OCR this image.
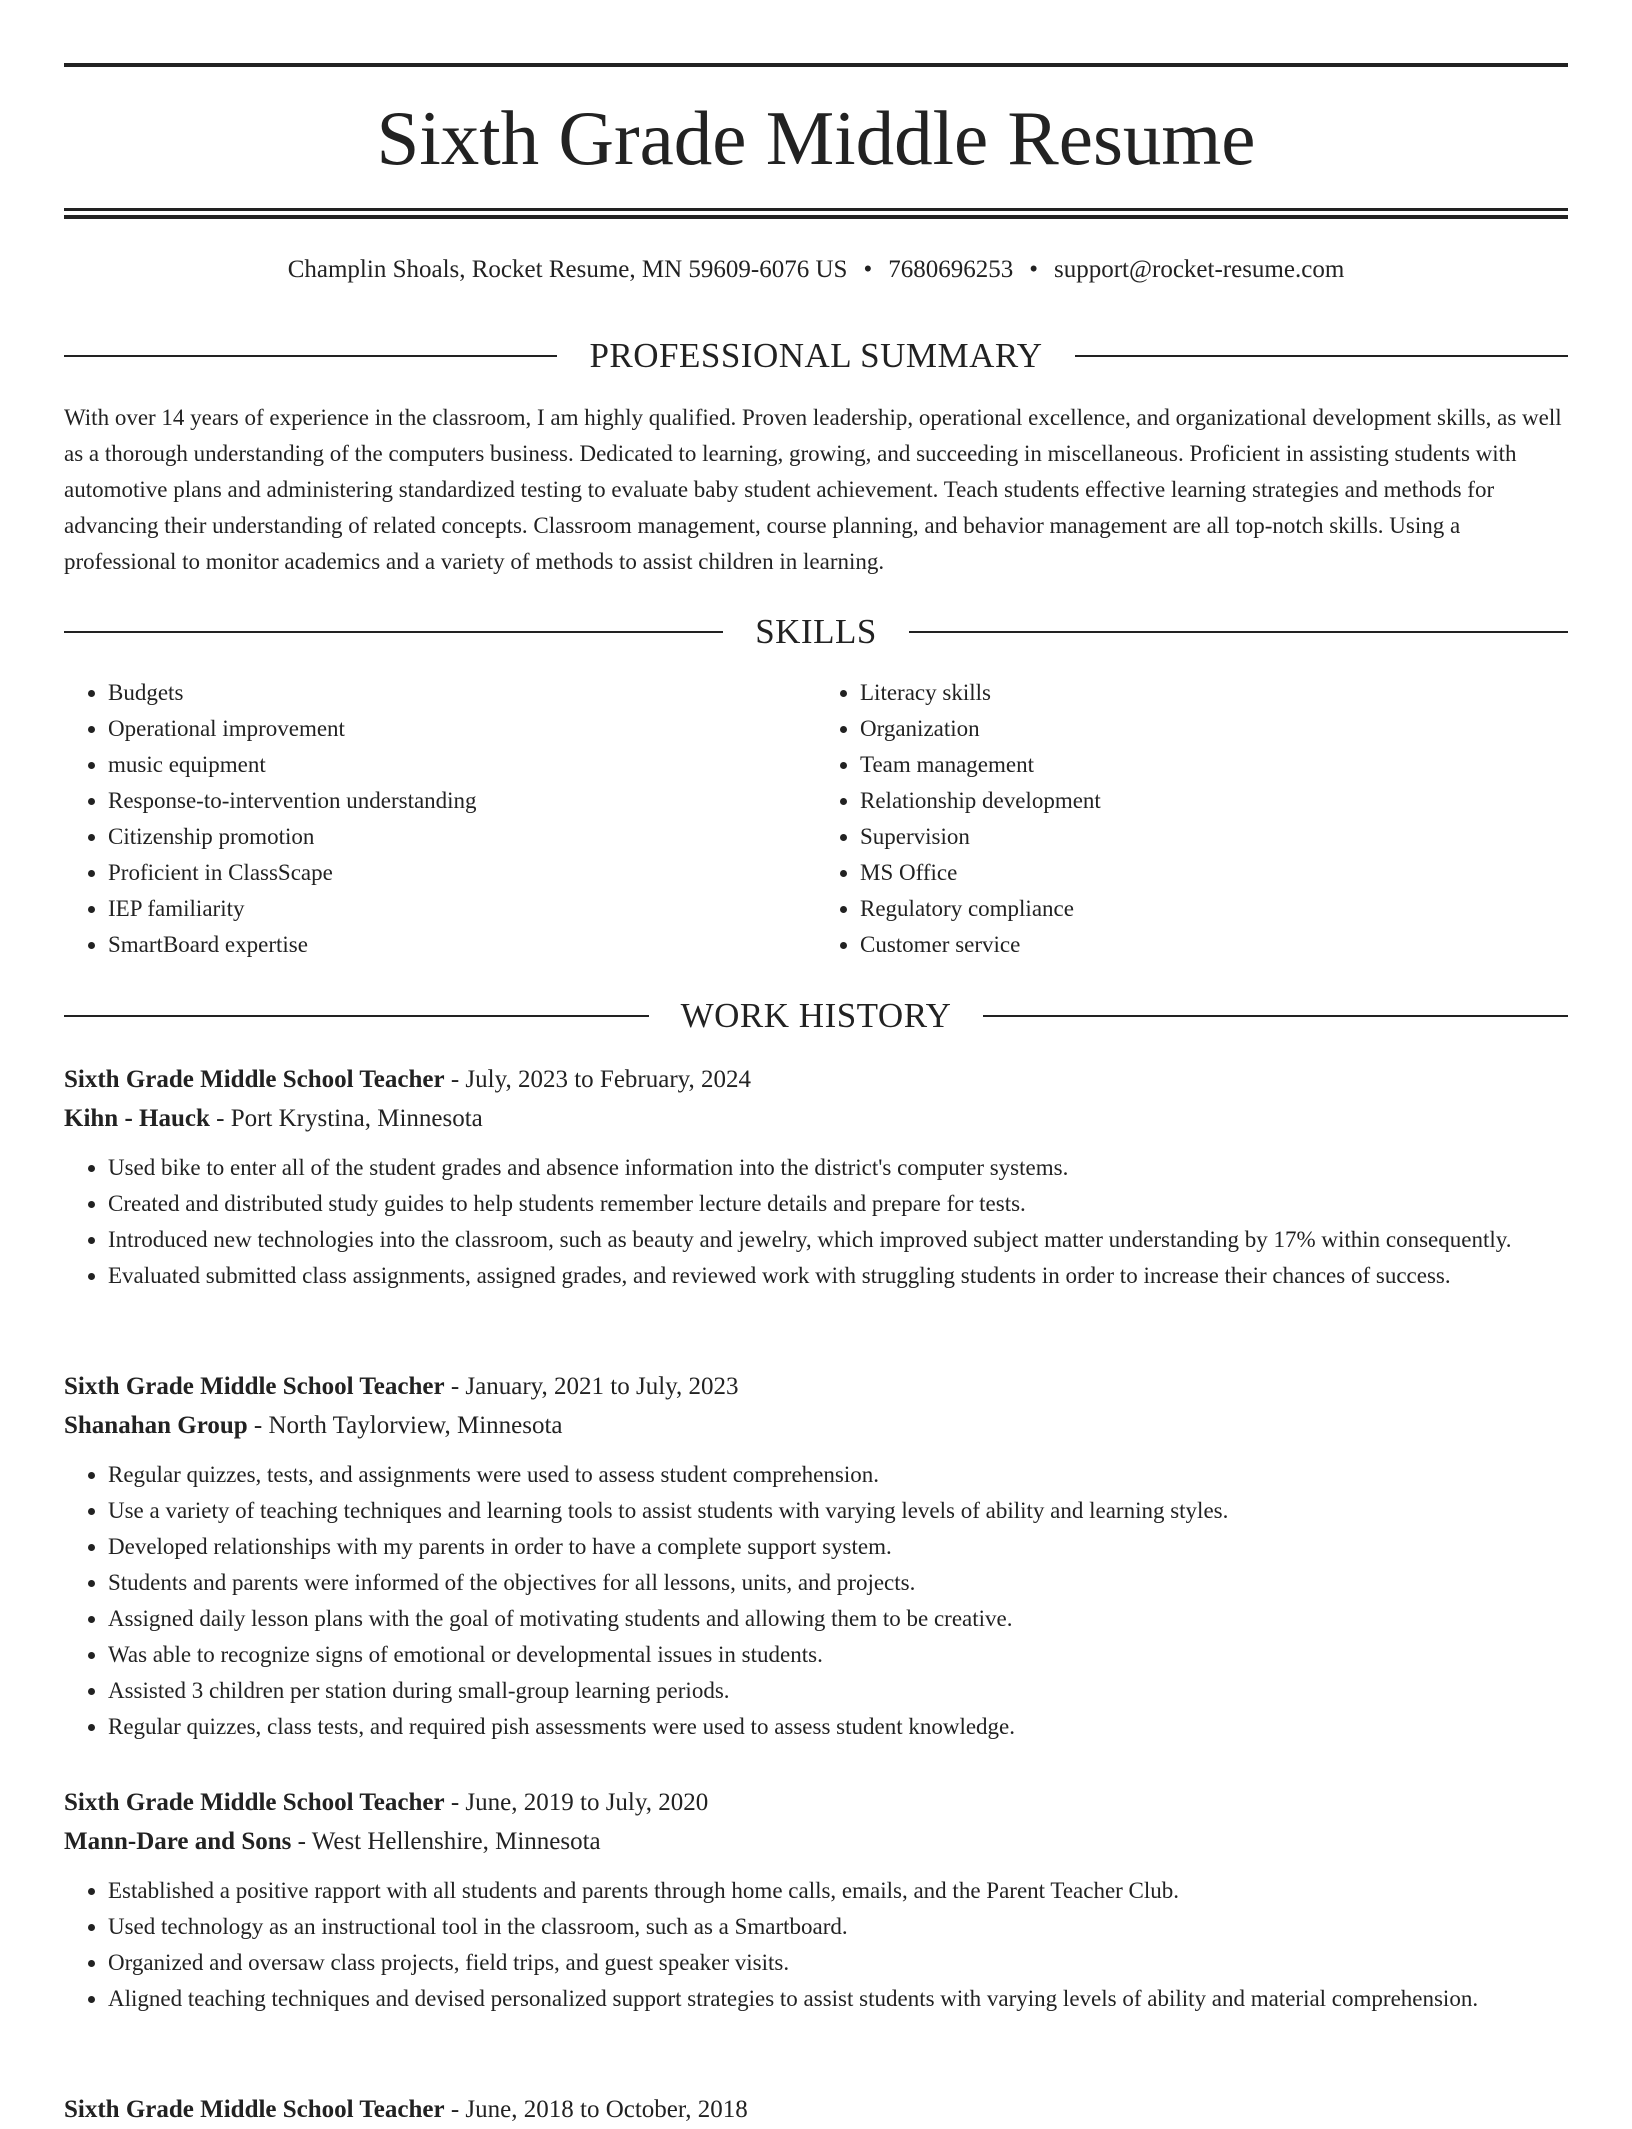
Sixth Grade Middle Resume
Champlin Shoals, Rocket Resume, MN 59609-6076 US • 7680696253 • support@rocket-resume.com
PROFESSIONAL SUMMARY

With over 14 years of experience in the classroom, I am highly qualified. Proven leadership, operational excellence, and organizational development skills, as well as a thorough understanding of the computers business. Dedicated to learning, growing, and succeeding in miscellaneous. Proficient in assisting students with automotive plans and administering standardized testing to evaluate baby student achievement. Teach students effective learning strategies and methods for advancing their understanding of related concepts. Classroom management, course planning, and behavior management are all top-notch skills. Using a professional to monitor academics and a variety of methods to assist children in learning.

SKILLS
• Budgets
• Operational improvement
• music equipment
• Response-to-intervention understanding
• Citizenship promotion
• Proficient in ClassScape
• IEP familiarity
• SmartBoard expertise
• Literacy skills
• Organization
• Team management
• Relationship development
• Supervision
• MS Office
• Regulatory compliance
• Customer service
WORK HISTORY
Sixth Grade Middle School Teacher - July, 2023 to February, 2024
Kihn - Hauck - Port Krystina, Minnesota
• Used bike to enter all of the student grades and absence information into the district's computer systems.
• Created and distributed study guides to help students remember lecture details and prepare for tests.
• Introduced new technologies into the classroom, such as beauty and jewelry, which improved subject matter understanding by 17% within consequently.
• Evaluated submitted class assignments, assigned grades, and reviewed work with struggling students in order to increase their chances of success.
Sixth Grade Middle School Teacher - January, 2021 to July, 2023
Shanahan Group - North Taylorview, Minnesota
• Regular quizzes, tests, and assignments were used to assess student comprehension.
• Use a variety of teaching techniques and learning tools to assist students with varying levels of ability and learning styles.
• Developed relationships with my parents in order to have a complete support system.
• Students and parents were informed of the objectives for all lessons, units, and projects.
• Assigned daily lesson plans with the goal of motivating students and allowing them to be creative.
• Was able to recognize signs of emotional or developmental issues in students.
• Assisted 3 children per station during small-group learning periods.
• Regular quizzes, class tests, and required pish assessments were used to assess student knowledge.
Sixth Grade Middle School Teacher - June, 2019 to July, 2020
Mann-Dare and Sons - West Hellenshire, Minnesota
• Established a positive rapport with all students and parents through home calls, emails, and the Parent Teacher Club.
• Used technology as an instructional tool in the classroom, such as a Smartboard.
• Organized and oversaw class projects, field trips, and guest speaker visits.
• Aligned teaching techniques and devised personalized support strategies to assist students with varying levels of ability and material comprehension.
Sixth Grade Middle School Teacher - June, 2018 to October, 2018
